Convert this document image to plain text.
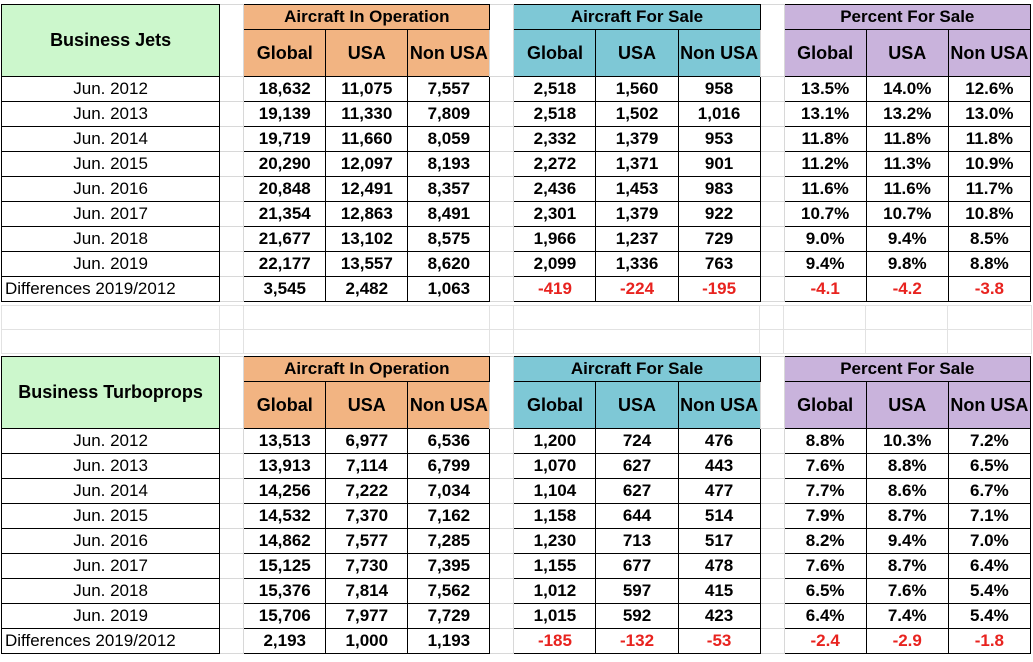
Business Jets		Aircraft In Operation				Aircraft For Sale				Percent For Sale		
		Global	USA	Non USA		Global	USA	Non USA		Global	USA	Non USA
Jun. 2012		18,632	11,075	7,557		2,518	1,560	958		13.5%	14.0%	12.6%
Jun. 2013		19,139	11,330	7,809		2,518	1,502	1,016		13.1%	13.2%	13.0%
Jun. 2014		19,719	11,660	8,059		2,332	1,379	953		11.8%	11.8%	11.8%
Jun. 2015		20,290	12,097	8,193		2,272	1,371	901		11.2%	11.3%	10.9%
Jun. 2016		20,848	12,491	8,357		2,436	1,453	983		11.6%	11.6%	11.7%
Jun. 2017		21,354	12,863	8,491		2,301	1,379	922		10.7%	10.7%	10.8%
Jun. 2018		21,677	13,102	8,575		1,966	1,237	729		9.0%	9.4%	8.5%
Jun. 2019		22,177	13,557	8,620		2,099	1,336	763		9.4%	9.8%	8.8%
Differences 2019/2012		3,545	2,482	1,063		-419	-224	-195		-4.1	-4.2	-3.8

Business Turboprops		Aircraft In Operation				Aircraft For Sale				Percent For Sale		
		Global	USA	Non USA		Global	USA	Non USA		Global	USA	Non USA
Jun. 2012		13,513	6,977	6,536		1,200	724	476		8.8%	10.3%	7.2%
Jun. 2013		13,913	7,114	6,799		1,070	627	443		7.6%	8.8%	6.5%
Jun. 2014		14,256	7,222	7,034		1,104	627	477		7.7%	8.6%	6.7%
Jun. 2015		14,532	7,370	7,162		1,158	644	514		7.9%	8.7%	7.1%
Jun. 2016		14,862	7,577	7,285		1,230	713	517		8.2%	9.4%	7.0%
Jun. 2017		15,125	7,730	7,395		1,155	677	478		7.6%	8.7%	6.4%
Jun. 2018		15,376	7,814	7,562		1,012	597	415		6.5%	7.6%	5.4%
Jun. 2019		15,706	7,977	7,729		1,015	592	423		6.4%	7.4%	5.4%
Differences 2019/2012		2,193	1,000	1,193		-185	-132	-53		-2.4	-2.9	-1.8
